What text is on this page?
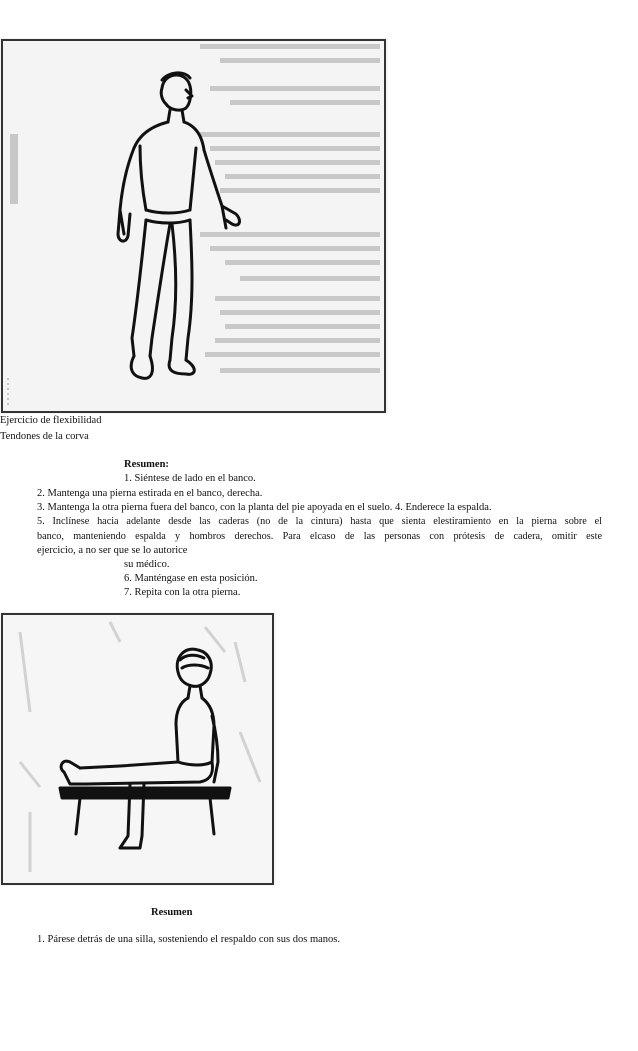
Ejercicio de flexibilidad
Tendones de la corva
Resumen:
1. Siéntese de lado en el banco.
2. Mantenga una pierna estirada en el banco, derecha.
3. Mantenga la otra pierna fuera del banco, con la planta del pie apoyada en el suelo. 4. Enderece la espalda.
5. Inclínese hacia adelante desde las caderas (no de la cintura) hasta que sienta elestiramiento en la pierna sobre el
banco, manteniendo espalda y hombros derechos. Para elcaso de las personas con prótesis de cadera, omitir este
ejercicio, a no ser que se lo autorice
su médico.
6. Manténgase en esta posición.
7. Repita con la otra pierna.
Resumen
1. Párese detrás de una silla, sosteniendo el respaldo con sus dos manos.
